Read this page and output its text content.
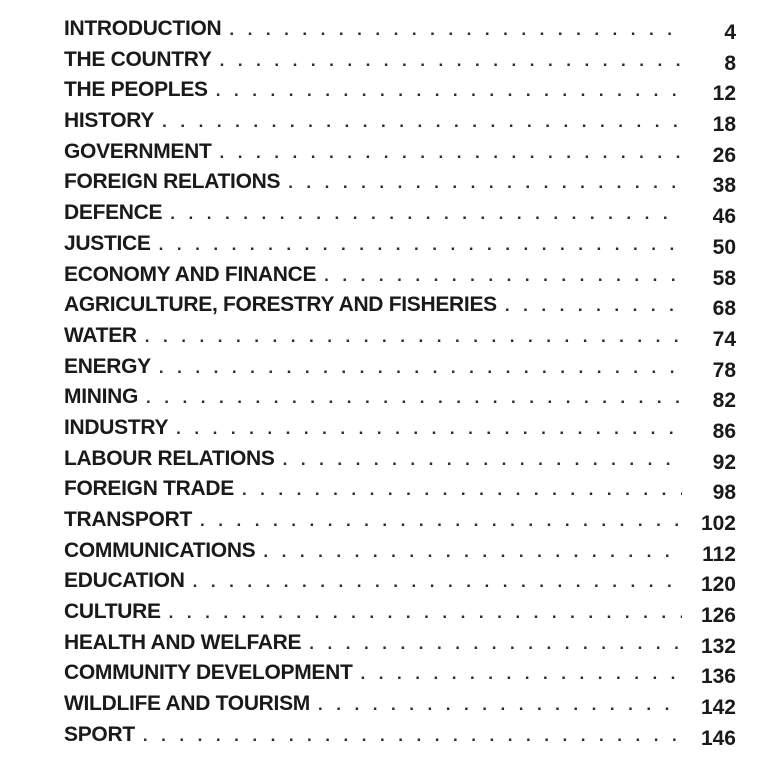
INTRODUCTION . . .	4
THE COUNTRY . . .	8
THE PEOPLES . . .	12
HISTORY . . .	18
GOVERNMENT . . .	26
FOREIGN RELATIONS . . .	38
DEFENCE . . .	46
JUSTICE . . .	50
ECONOMY AND FINANCE . . .	58
AGRICULTURE, FORESTRY AND FISHERIES . . .	68
WATER . . .	74
ENERGY . . .	78
MINING . . .	82
INDUSTRY . . .	86
LABOUR RELATIONS . . .	92
FOREIGN TRADE . . .	98
TRANSPORT . . .	102
COMMUNICATIONS . . .	112
EDUCATION . . .	120
CULTURE . . .	126
HEALTH AND WELFARE . . .	132
COMMUNITY DEVELOPMENT . . .	136
WILDLIFE AND TOURISM . . .	142
SPORT . . .	146
